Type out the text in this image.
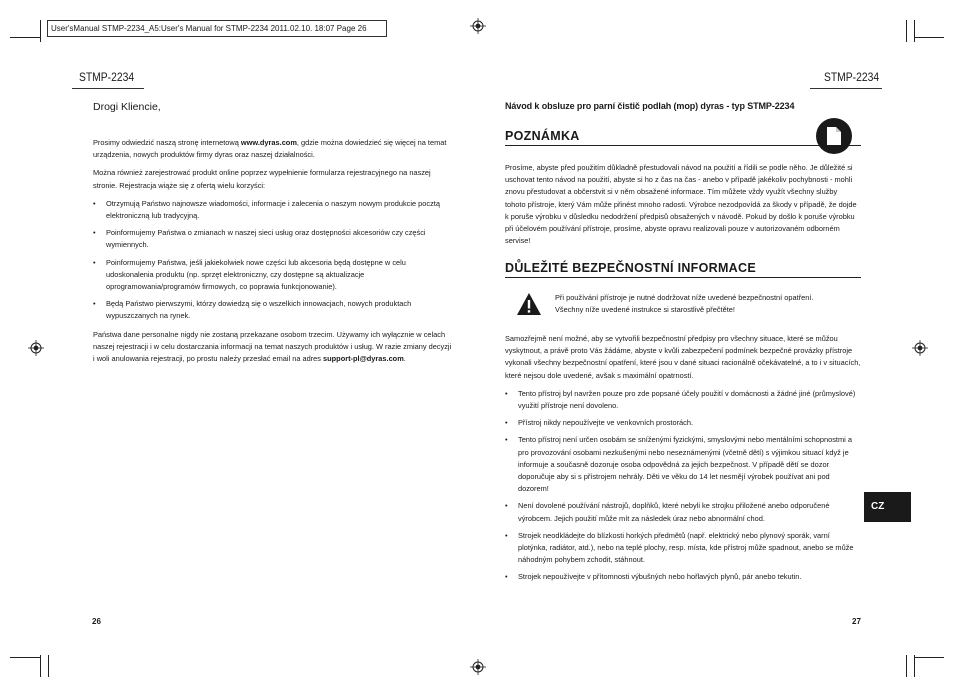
User'sManual STMP-2234_A5:User's Manual for STMP-2234 2011.02.10. 18:07 Page 26
STMP-2234
Drogi Kliencie,

Prosimy odwiedzić naszą stronę internetową www.dyras.com, gdzie można dowiedzieć się więcej na temat urządzenia, nowych produktów firmy dyras oraz naszej działalności.

Można również zarejestrować produkt online poprzez wypełnienie formularza rejestracyjnego na naszej stronie. Rejestracja wiąże się z ofertą wielu korzyści:

• Otrzymują Państwo najnowsze wiadomości, informacje i zalecenia o naszym nowym produkcie pocztą elektroniczną lub tradycyjną.
• Poinformujemy Państwa o zmianach w naszej sieci usług oraz dostępności akcesoriów czy części wymiennych.
• Poinformujemy Państwa, jeśli jakiekolwiek nowe części lub akcesoria będą dostępne w celu udoskonalenia produktu (np. sprzęt elektroniczny, czy dostępne są aktualizacje oprogramowania/programów firmowych, co poprawia funkcjonowanie).
• Będą Państwo pierwszymi, którzy dowiedzą się o wszelkich innowacjach, nowych produktach wypuszczanych na rynek.

Państwa dane personalne nigdy nie zostaną przekazane osobom trzecim. Używamy ich wyłącznie w celach naszej rejestracji i w celu dostarczania informacji na temat naszych produktów i usług. W razie zmiany decyzji i woli anulowania rejestracji, po prostu należy przesłać email na adres support-pl@dyras.com.

26
STMP-2234
Návod k obsluze pro parní čistič podlah (mop) dyras - typ STMP-2234
POZNÁMKA

Prosíme, abyste před použitím důkladně přestudovali návod na použití a řídili se podle něho. Je důležité si uschovat tento návod na použití, abyste si ho z čas na čas - anebo v případě jakékoliv pochybnosti - mohli znovu přestudovat a občerstvit si v něm obsažené informace. Tím můžete vždy využít všechny služby tohoto přístroje, který Vám může přinést mnoho radosti. Výrobce nezodpovídá za škody v případě, že dojde k poruše výrobku v důsledku nedodržení předpisů obsažených v návodě. Pokud by došlo k poruše výrobku při účelovém používání přístroje, prosíme, abyste opravu realizovali pouze v autorizovaném odborném servise!

DŮLEŽITÉ BEZPEČNOSTNÍ INFORMACE
Při používání přístroje je nutné dodržovat níže uvedené bezpečnostní opatření.
Všechny níže uvedené instrukce si starostlivě přečtěte!

Samozřejmě není možné, aby se vytvořili bezpečnostní předpisy pro všechny situace, které se můžou vyskytnout, a právě proto Vás žádáme, abyste v kvůli zabezpečení podmínek bezpečné provázky přístroje vykonali všechny bezpečnostní opatření, které jsou v dané situaci racionálně očekávatelné, a to i v situacích, které nejsou dole uvedené, avšak s maximální opatrností.

• Tento přístroj byl navržen pouze pro zde popsané účely použití v domácnosti a žádné jiné (průmyslové) využití přístroje není dovoleno.
• Přístroj nikdy nepoužívejte ve venkovních prostorách.
• Tento přístroj není určen osobám se sníženými fyzickými, smyslovými nebo mentálními schopnostmi a pro provozování osobami nezkušenými nebo neseznámenými (včetně dětí) s výjimkou situací když je informuje a současně dozoruje osoba odpovědná za jejich bezpečnost. V případě dětí se dozor doporučuje aby si s přístrojem nehrály. Děti ve věku do 14 let nesmějí výrobek používat ani pod dozorem!
• Není dovolené používání nástrojů, doplňků, které nebyli ke strojku přiložené anebo odporučené výrobcem. Jejich použití může mít za následek úraz nebo abnormální chod.
• Strojek neodkládejte do blízkosti horkých předmětů (např. elektrický nebo plynový sporák, varní plotýnka, radiátor, atd.), nebo na teplé plochy, resp. místa, kde přístroj může spadnout, anebo se může náhodným pohybem zchodit, stáhnout.
• Strojek nepoužívejte v přítomnosti výbušných nebo hořlavých plynů, pár anebo tekutin.
CZ
27
